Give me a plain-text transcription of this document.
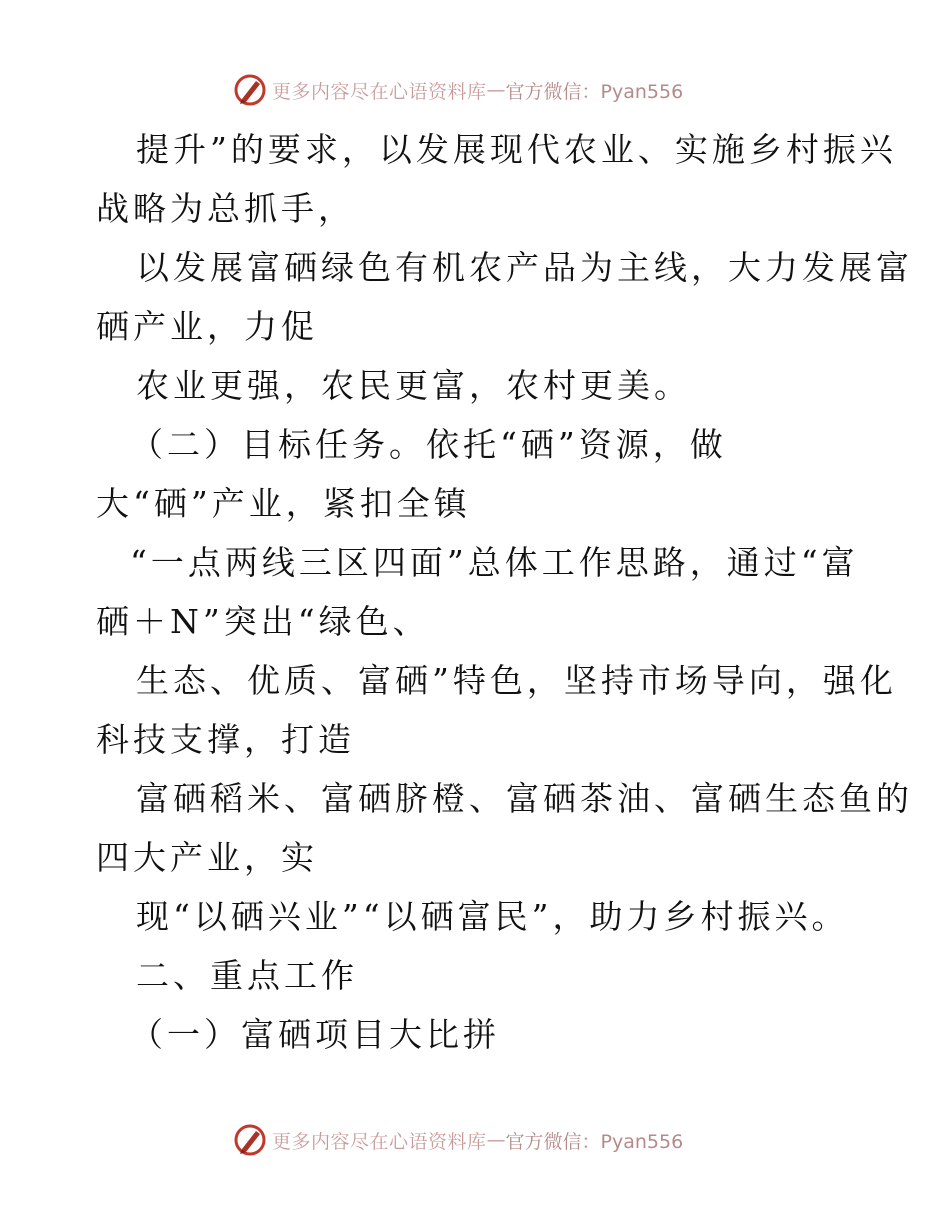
更多内容尽在心语资料库 — 官方微信：Pyan556
提升”的要求，以发展现代农业、实施乡村振兴
战略为总抓手，
以发展富硒绿色有机农产品为主线，大力发展富
硒产业，力促
农业更强，农民更富，农村更美。
（二）目标任务。依托“硒”资源，做
大“硒”产业，紧扣全镇
“一点两线三区四面”总体工作思路，通过“富
硒＋N”突出“绿色、
生态、优质、富硒”特色，坚持市场导向，强化
科技支撑，打造
富硒稻米、富硒脐橙、富硒茶油、富硒生态鱼的
四大产业，实
现“以硒兴业”“以硒富民”，助力乡村振兴。
二、重点工作
（一）富硒项目大比拼
更多内容尽在心语资料库 — 官方微信：Pyan556
